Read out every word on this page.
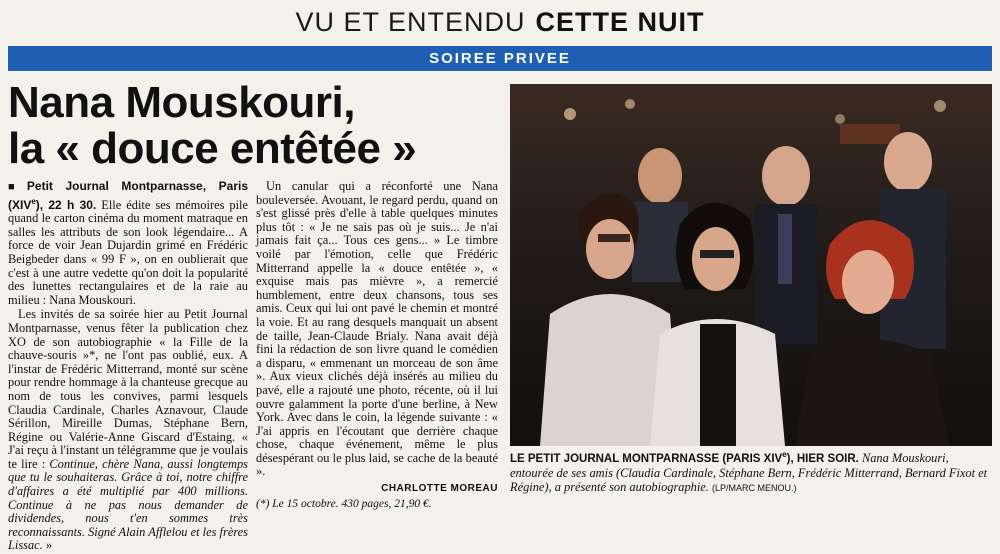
VU ET ENTENDU CETTE NUIT
SOIREE PRIVEE
Nana Mouskouri,
la « douce entêtée »

■ Petit Journal Montparnasse, Paris (XIVe), 22 h 30. Elle édite ses mémoires pile quand le carton cinéma du moment matraque en salles les attributs de son look légendaire... A force de voir Jean Dujardin grimé en Frédéric Beigbeder dans « 99 F », on en oublierait que c'est à une autre vedette qu'on doit la popularité des lunettes rectangulaires et de la raie au milieu : Nana Mouskouri.

Les invités de sa soirée hier au Petit Journal Montparnasse, venus fêter la publication chez XO de son autobiographie « la Fille de la chauve-souris »*, ne l'ont pas oublié, eux. A l'instar de Frédéric Mitterrand, monté sur scène pour rendre hommage à la chanteuse grecque au nom de tous les convives, parmi lesquels Claudia Cardinale, Charles Aznavour, Claude Sérillon, Mireille Dumas, Stéphane Bern, Régine ou Valérie-Anne Giscard d'Estaing. « J'ai reçu à l'instant un télégramme que je voulais te lire : Continue, chère Nana, aussi longtemps que tu le souhaiteras. Grâce à toi, notre chiffre d'affaires a été multiplié par 400 millions. Continue à ne pas nous demander de dividendes, nous t'en sommes très reconnaissants. Signé Alain Afflelou et les frères Lissac. »

Un canular qui a réconforté une Nana bouleversée. Avouant, le regard perdu, quand on s'est glissé près d'elle à table quelques minutes plus tôt : « Je ne sais pas où je suis... Je n'ai jamais fait ça... Tous ces gens... » Le timbre voilé par l'émotion, celle que Frédéric Mitterrand appelle la « douce entêtée », « exquise mais pas mièvre », a remercié humblement, entre deux chansons, tous ses amis. Ceux qui lui ont pavé le chemin et montré la voie. Et au rang desquels manquait un absent de taille, Jean-Claude Brialy. Nana avait déjà fini la rédaction de son livre quand le comédien a disparu, « emmenant un morceau de son âme ». Aux vieux clichés déjà insérés au milieu du pavé, elle a rajouté une photo, récente, où il lui ouvre galamment la porte d'une berline, à New York. Avec dans le coin, la légende suivante : « J'ai appris en l'écoutant que derrière chaque chose, chaque événement, même le plus désespérant ou le plus laid, se cache de la beauté ».

CHARLOTTE MOREAU
(*) Le 15 octobre. 430 pages, 21,90 €.
LE PETIT JOURNAL MONTPARNASSE (PARIS XIVe), HIER SOIR. Nana Mouskouri, entourée de ses amis (Claudia Cardinale, Stéphane Bern, Frédéric Mitterrand, Bernard Fixot et Régine), a présenté son autobiographie. (LP/MARC MENOU.)
